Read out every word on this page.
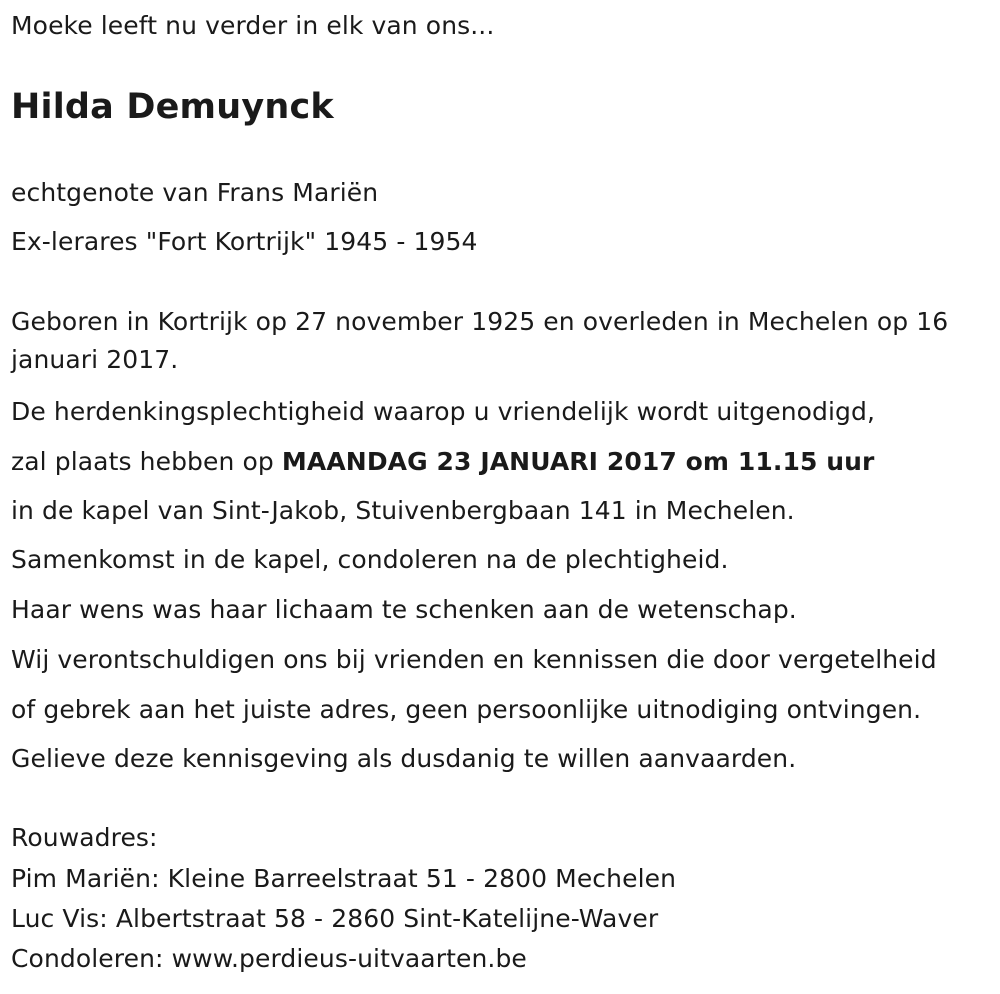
Moeke leeft nu verder in elk van ons...
Hilda Demuynck
echtgenote van Frans Mariën
Ex-lerares "Fort Kortrijk" 1945 - 1954
Geboren in Kortrijk op 27 november 1925 en overleden in Mechelen op 16 januari 2017.
De herdenkingsplechtigheid waarop u vriendelijk wordt uitgenodigd,
zal plaats hebben op MAANDAG 23 JANUARI 2017 om 11.15 uur
in de kapel van Sint-Jakob, Stuivenbergbaan 141 in Mechelen.
Samenkomst in de kapel, condoleren na de plechtigheid.
Haar wens was haar lichaam te schenken aan de wetenschap.
Wij verontschuldigen ons bij vrienden en kennissen die door vergetelheid
of gebrek aan het juiste adres, geen persoonlijke uitnodiging ontvingen.
Gelieve deze kennisgeving als dusdanig te willen aanvaarden.
Rouwadres:
Pim Mariën: Kleine Barreelstraat 51 - 2800 Mechelen
Luc Vis: Albertstraat 58 - 2860 Sint-Katelijne-Waver
Condoleren: www.perdieus-uitvaarten.be
